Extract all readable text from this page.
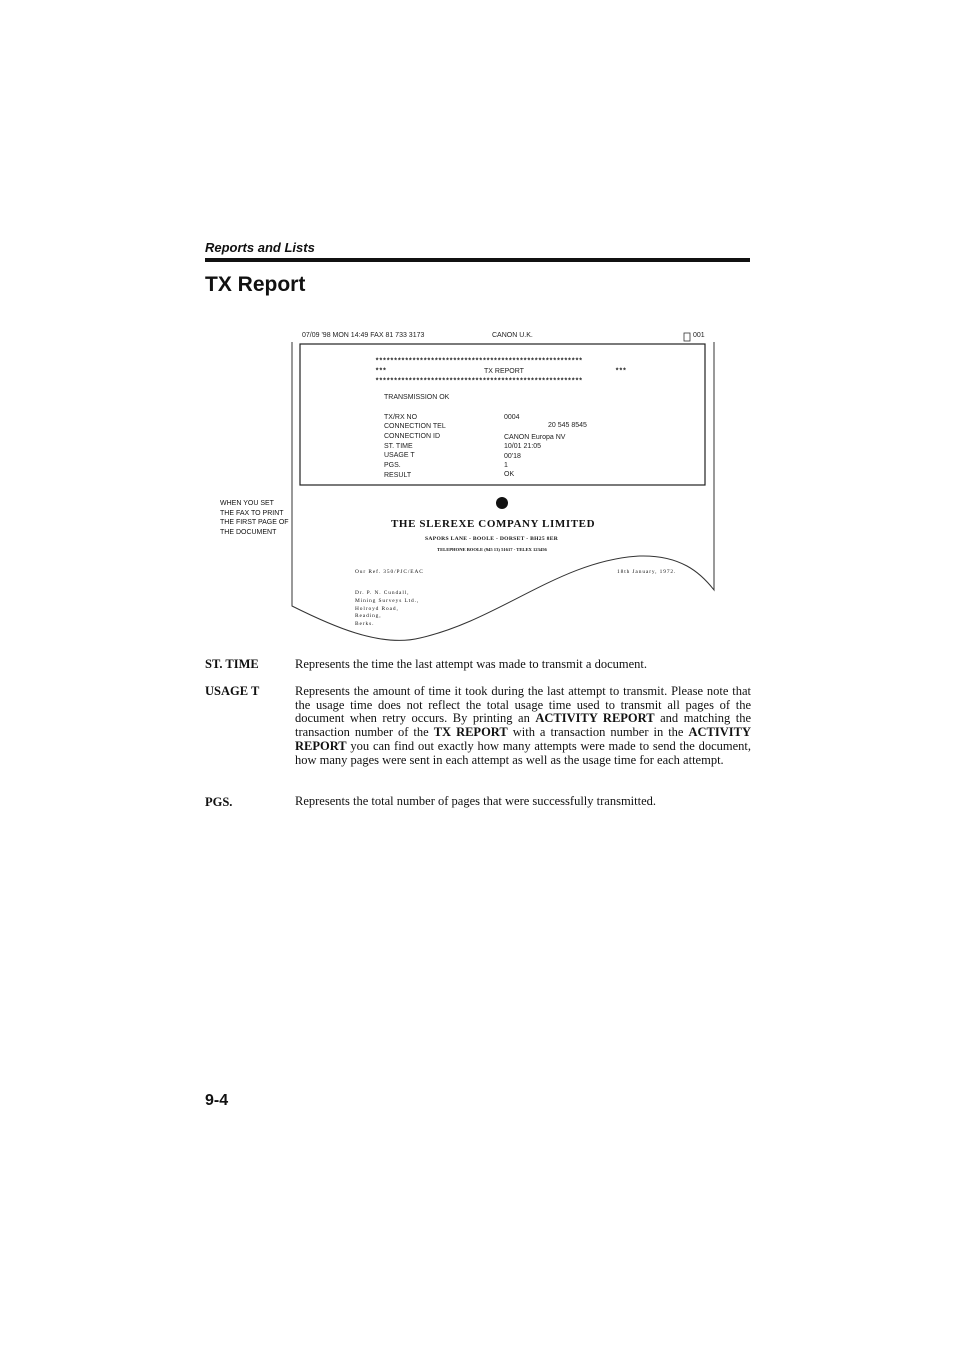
Reports and Lists
TX Report
07/09 '98 MON 14:49 FAX 81 733 3173	CANON U.K.	001
********************************************************
***	TX REPORT	***
********************************************************
TRANSMISSION OK
TX/RX NO	0004
CONNECTION TEL	20 545 8545
CONNECTION ID	CANON Europa NV
ST. TIME	10/01 21:05
USAGE T	00'18
PGS.	1
RESULT	OK
WHEN YOU SET
THE FAX TO PRINT
THE FIRST PAGE OF
THE DOCUMENT
THE SLEREXE COMPANY LIMITED
SAPORS LANE - BOOLE - DORSET - BH25 8ER
TELEPHONE BOOLE (945 13) 51617 - TELEX 123456
Our Ref. 350/PJC/EAC	18th January, 1972.
Dr. P. N. Cundall,
Mining Surveys Ltd.,
Holroyd Road,
Reading,
Berks.
ST. TIME	Represents the time the last attempt was made to transmit a document.
USAGE T	Represents the amount of time it took during the last attempt to transmit. Please note that the usage time does not reflect the total usage time used to transmit all pages of the document when retry occurs. By printing an ACTIVITY REPORT and matching the transaction number of the TX REPORT with a transaction number in the ACTIVITY REPORT you can find out exactly how many attempts were made to send the document, how many pages were sent in each attempt as well as the usage time for each attempt.
PGS.	Represents the total number of pages that were successfully transmitted.
9-4
